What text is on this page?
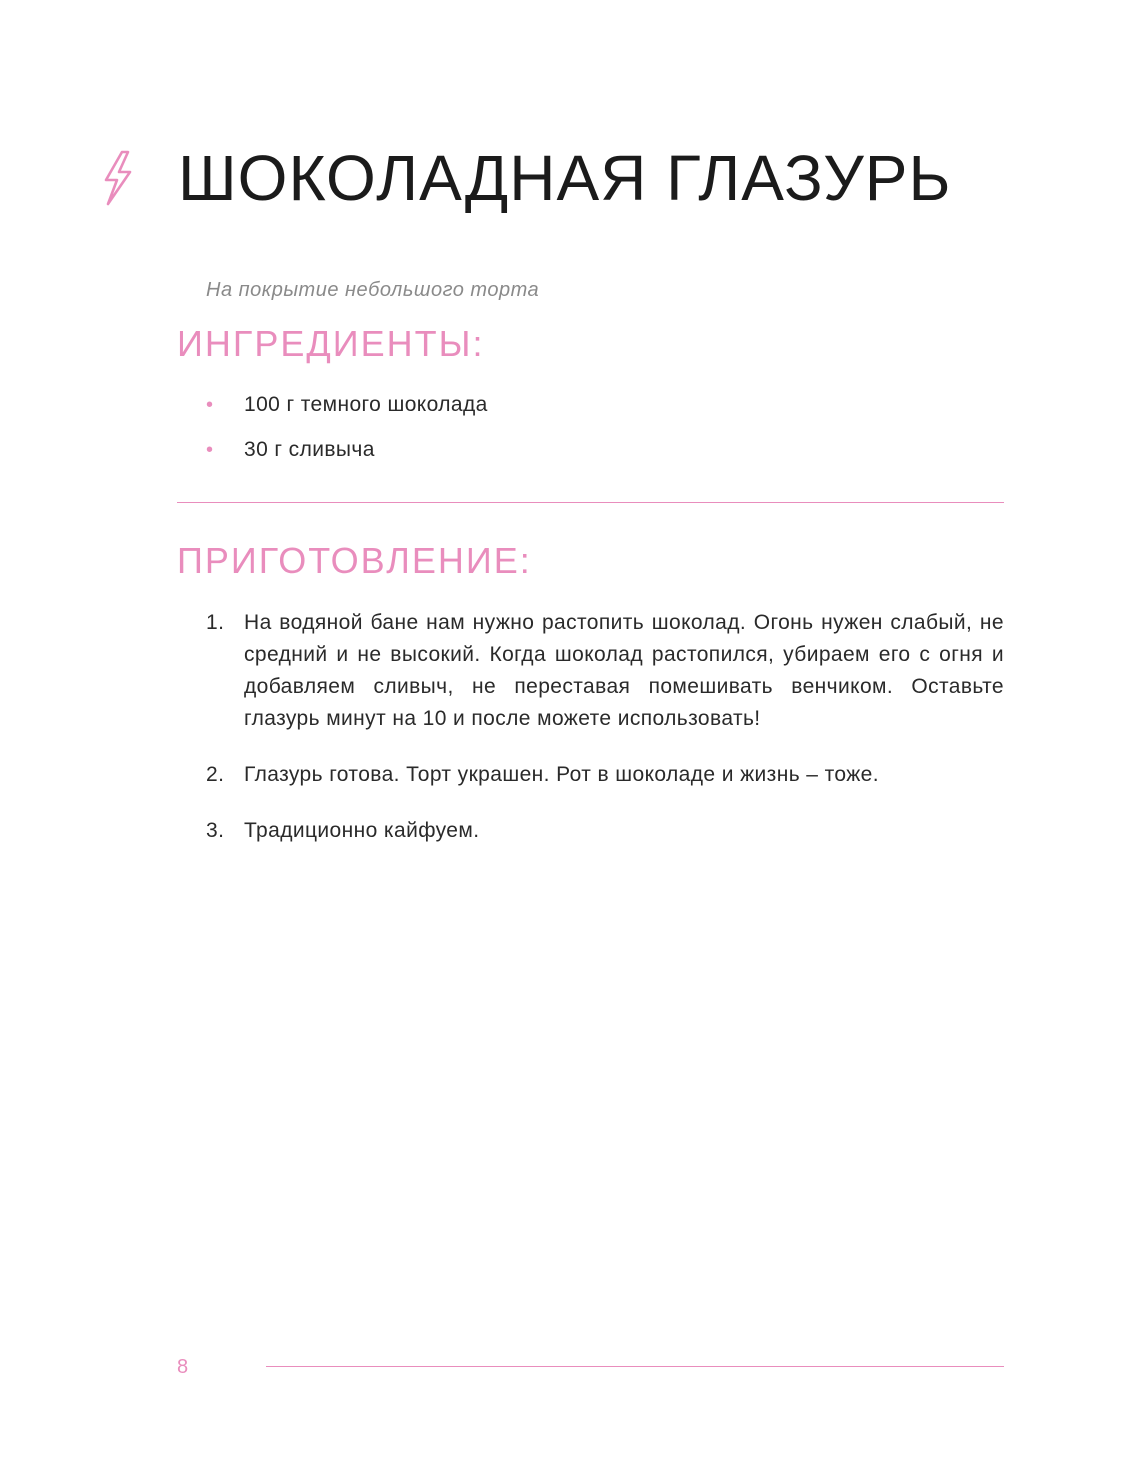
ШОКОЛАДНАЯ ГЛАЗУРЬ
На покрытие небольшого торта
ИНГРЕДИЕНТЫ:
• 100 г темного шоколада
• 30 г сливыча
ПРИГОТОВЛЕНИЕ:
1. На водяной бане нам нужно растопить шоколад. Огонь нужен слабый, не средний и не высокий. Когда шоколад растопился, убираем его с огня и добавляем сливыч, не переставая помешивать венчиком. Оставьте глазурь минут на 10 и после можете использовать!
2. Глазурь готова. Торт украшен. Рот в шоколаде и жизнь – тоже.
3. Традиционно кайфуем.
8
